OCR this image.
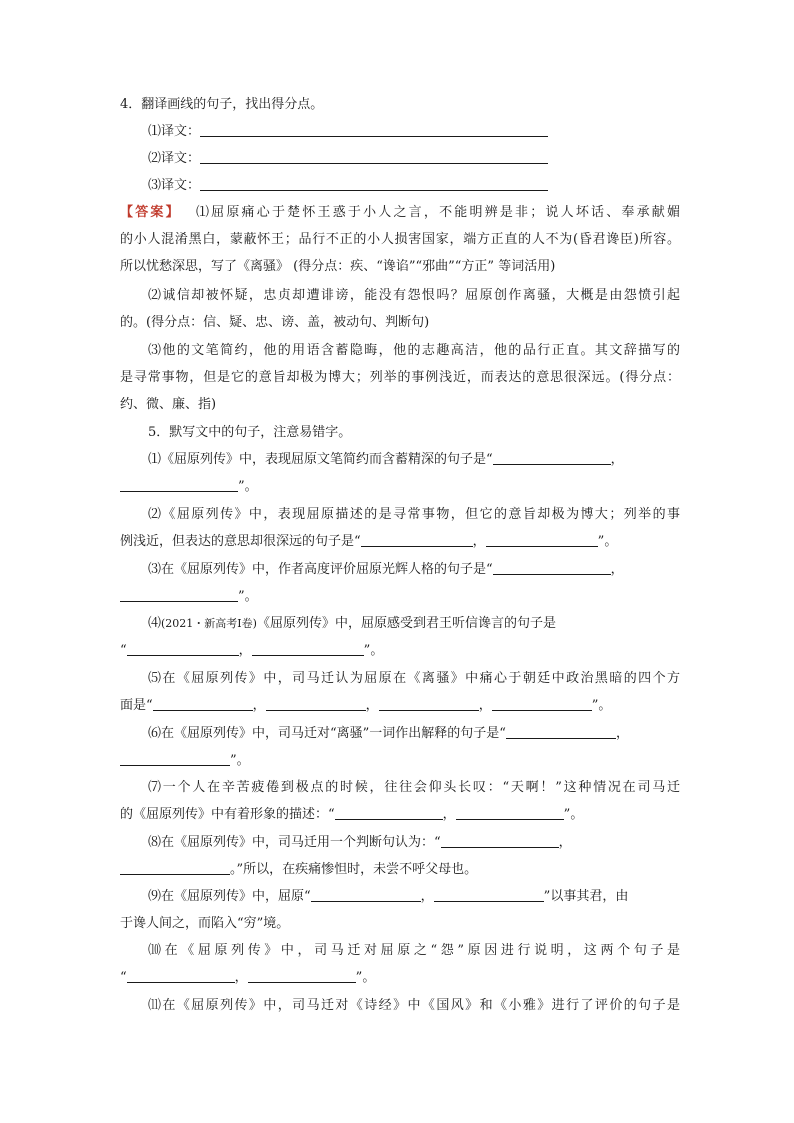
4．翻译画线的句子，找出得分点。
⑴译文：
⑵译文：
⑶译文：
【答案】  ⑴屈原痛心于楚怀王惑于小人之言，不能明辨是非；说人坏话、奉承献媚
的小人混淆黑白，蒙蔽怀王；品行不正的小人损害国家，端方正直的人不为(昏君谗臣)所容。
所以忧愁深思，写了《离骚》 (得分点：疾、“谗谄”“邪曲”“方正” 等词活用)
⑵诚信却被怀疑，忠贞却遭诽谤，能没有怨恨吗？屈原创作离骚，大概是由怨愤引起
的。(得分点：信、疑、忠、谤、盖，被动句、判断句)
⑶他的文笔简约，他的用语含蓄隐晦，他的志趣高洁，他的品行正直。其文辞描写的
是寻常事物，但是它的意旨却极为博大；列举的事例浅近，而表达的意思很深远。(得分点：
约、微、廉、指)
5．默写文中的句子，注意易错字。
⑴《屈原列传》中，表现屈原文笔简约而含蓄精深的句子是“	，
”。
⑵《屈原列传》中，表现屈原描述的是寻常事物，但它的意旨却极为博大；列举的事
例浅近，但表达的意思却很深远的句子是“	，	”。
⑶在《屈原列传》中，作者高度评价屈原光辉人格的句子是“	，
”。
⑷(2021・新高考Ⅰ卷)《屈原列传》中，屈原感受到君王听信谗言的句子是
“	，	”。
⑸在《屈原列传》中，司马迁认为屈原在《离骚》中痛心于朝廷中政治黑暗的四个方
面是“	，	，	，	”。
⑹在《屈原列传》中，司马迁对“离骚”一词作出解释的句子是“	，
”。
⑺一个人在辛苦疲倦到极点的时候，往往会仰头长叹：“天啊！”这种情况在司马迁
的《屈原列传》中有着形象的描述：“	，	”。
⑻在《屈原列传》中，司马迁用一个判断句认为：“	，
。”所以，在疾痛惨怛时，未尝不呼父母也。
⑼在《屈原列传》中，屈原“	，	”以事其君，由
于谗人间之，而陷入“穷”境。
⑽在《屈原列传》中，司马迁对屈原之“怨”原因进行说明，这两个句子是
“	，	”。
⑾在《屈原列传》中，司马迁对《诗经》中《国风》和《小雅》进行了评价的句子是
